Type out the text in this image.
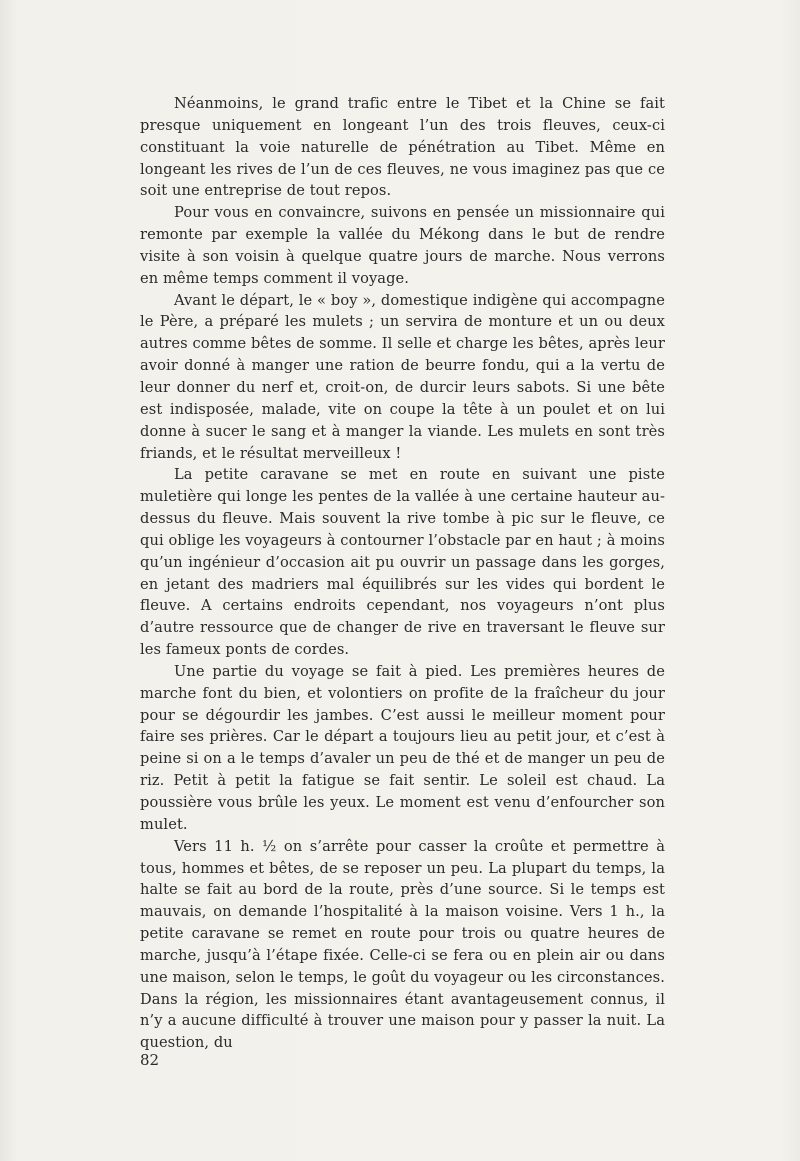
Néanmoins, le grand trafic entre le Tibet et la Chine se fait presque uniquement en longeant l’un des trois fleuves, ceux-ci constituant la voie naturelle de pénétration au Tibet. Même en longeant les rives de l’un de ces fleuves, ne vous imaginez pas que ce soit une entreprise de tout repos.

Pour vous en convaincre, suivons en pensée un missionnaire qui remonte par exemple la vallée du Mékong dans le but de rendre visite à son voisin à quelque quatre jours de marche. Nous verrons en même temps comment il voyage.

Avant le départ, le « boy », domestique indigène qui accompagne le Père, a préparé les mulets ; un servira de monture et un ou deux autres comme bêtes de somme. Il selle et charge les bêtes, après leur avoir donné à manger une ration de beurre fondu, qui a la vertu de leur donner du nerf et, croit-on, de durcir leurs sabots. Si une bête est indisposée, malade, vite on coupe la tête à un poulet et on lui donne à sucer le sang et à manger la viande. Les mulets en sont très friands, et le résultat merveilleux !

La petite caravane se met en route en suivant une piste muletière qui longe les pentes de la vallée à une certaine hauteur au-dessus du fleuve. Mais souvent la rive tombe à pic sur le fleuve, ce qui oblige les voyageurs à contourner l’obstacle par en haut ; à moins qu’un ingénieur d’occasion ait pu ouvrir un passage dans les gorges, en jetant des madriers mal équilibrés sur les vides qui bordent le fleuve. A certains endroits cependant, nos voyageurs n’ont plus d’autre ressource que de changer de rive en traversant le fleuve sur les fameux ponts de cordes.

Une partie du voyage se fait à pied. Les premières heures de marche font du bien, et volontiers on profite de la fraîcheur du jour pour se dégourdir les jambes. C’est aussi le meilleur moment pour faire ses prières. Car le départ a toujours lieu au petit jour, et c’est à peine si on a le temps d’avaler un peu de thé et de manger un peu de riz. Petit à petit la fatigue se fait sentir. Le soleil est chaud. La poussière vous brûle les yeux. Le moment est venu d’enfourcher son mulet.

Vers 11 h. ½ on s’arrête pour casser la croûte et permettre à tous, hommes et bêtes, de se reposer un peu. La plupart du temps, la halte se fait au bord de la route, près d’une source. Si le temps est mauvais, on demande l’hospitalité à la maison voisine. Vers 1 h., la petite caravane se remet en route pour trois ou quatre heures de marche, jusqu’à l’étape fixée. Celle-ci se fera ou en plein air ou dans une maison, selon le temps, le goût du voyageur ou les circonstances. Dans la région, les missionnaires étant avantageusement connus, il n’y a aucune difficulté à trouver une maison pour y passer la nuit. La question, du

82
